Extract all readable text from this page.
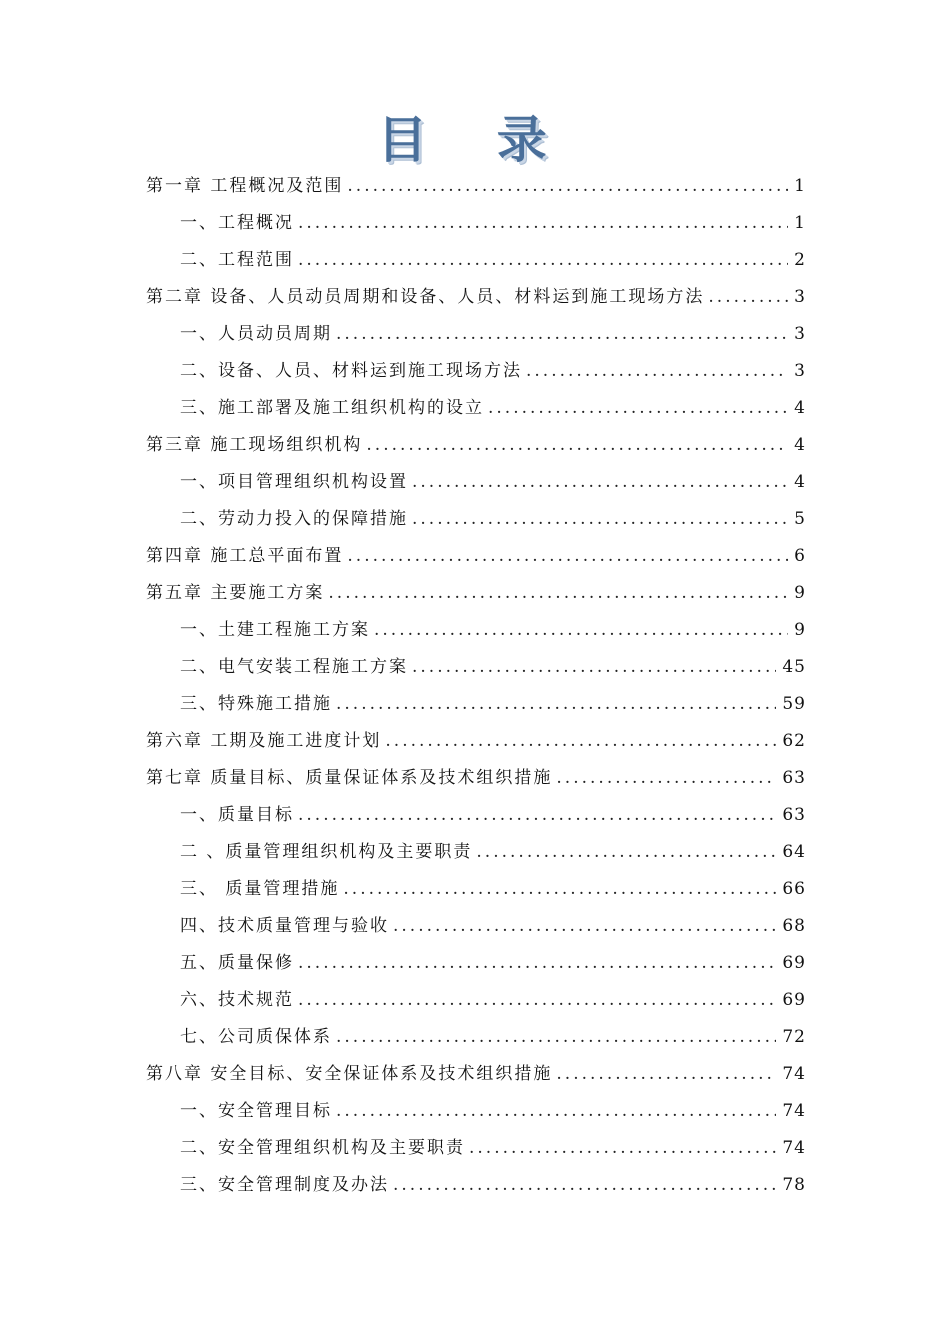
目 录
第一章 工程概况及范围 .....	1
一、工程概况 .....	1
二、工程范围 .....	2
第二章 设备、人员动员周期和设备、人员、材料运到施工现场方法 .....	3
一、人员动员周期 .....	3
二、设备、人员、材料运到施工现场方法 .....	3
三、施工部署及施工组织机构的设立 .....	4
第三章 施工现场组织机构 .....	4
一、项目管理组织机构设置 .....	4
二、劳动力投入的保障措施 .....	5
第四章 施工总平面布置 .....	6
第五章 主要施工方案 .....	9
一、土建工程施工方案 .....	9
二、电气安装工程施工方案 .....	45
三、特殊施工措施 .....	59
第六章 工期及施工进度计划 .....	62
第七章 质量目标、质量保证体系及技术组织措施 .....	63
一、质量目标 .....	63
二 、质量管理组织机构及主要职责 .....	64
三、 质量管理措施 .....	66
四、技术质量管理与验收 .....	68
五、质量保修 .....	69
六、技术规范 .....	69
七、公司质保体系 .....	72
第八章 安全目标、安全保证体系及技术组织措施 .....	74
一、安全管理目标 .....	74
二、安全管理组织机构及主要职责 .....	74
三、安全管理制度及办法 .....	78
